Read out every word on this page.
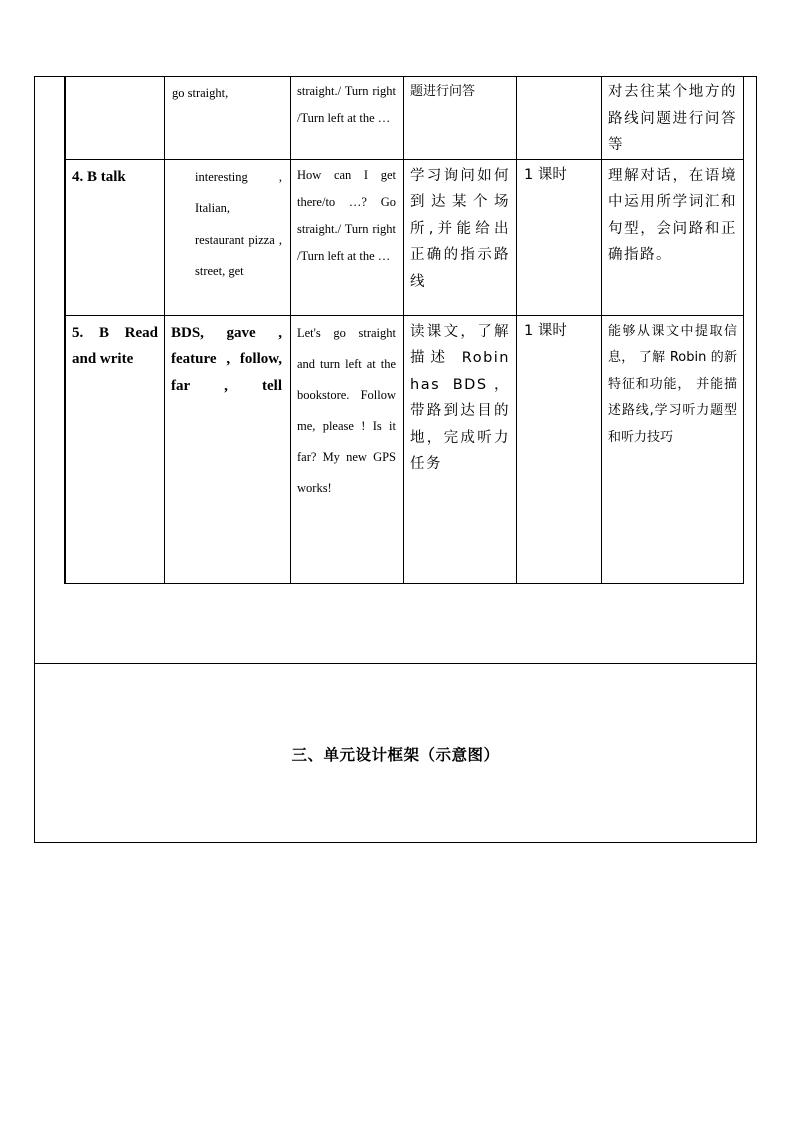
三、单元设计框架（示意图）

	go straight,	straight./ Turn right /Turn left at the …	题进行问答		对去往某个地方的路线问题进行问答等

4. B talk	interesting , Italian, restaurant pizza , street, get	How can I get there/to …? Go straight./ Turn right /Turn left at the …	学习询问如何到达某个场所,并能给出正确的指示路线	1 课时	理解对话，在语境中运用所学词汇和句型，会问路和正确指路。

5. B Read and write	BDS, gave , feature , follow, far , tell	Let's go straight and turn left at the bookstore. Follow me, please ! Is it far? My new GPS works!	读课文，了解描述 Robin has BDS，带路到达目的地，完成听力任务	1 课时	能够从课文中提取信息， 了解 Robin 的新特征和功能， 并能描述路线,学习听力题型和听力技巧
